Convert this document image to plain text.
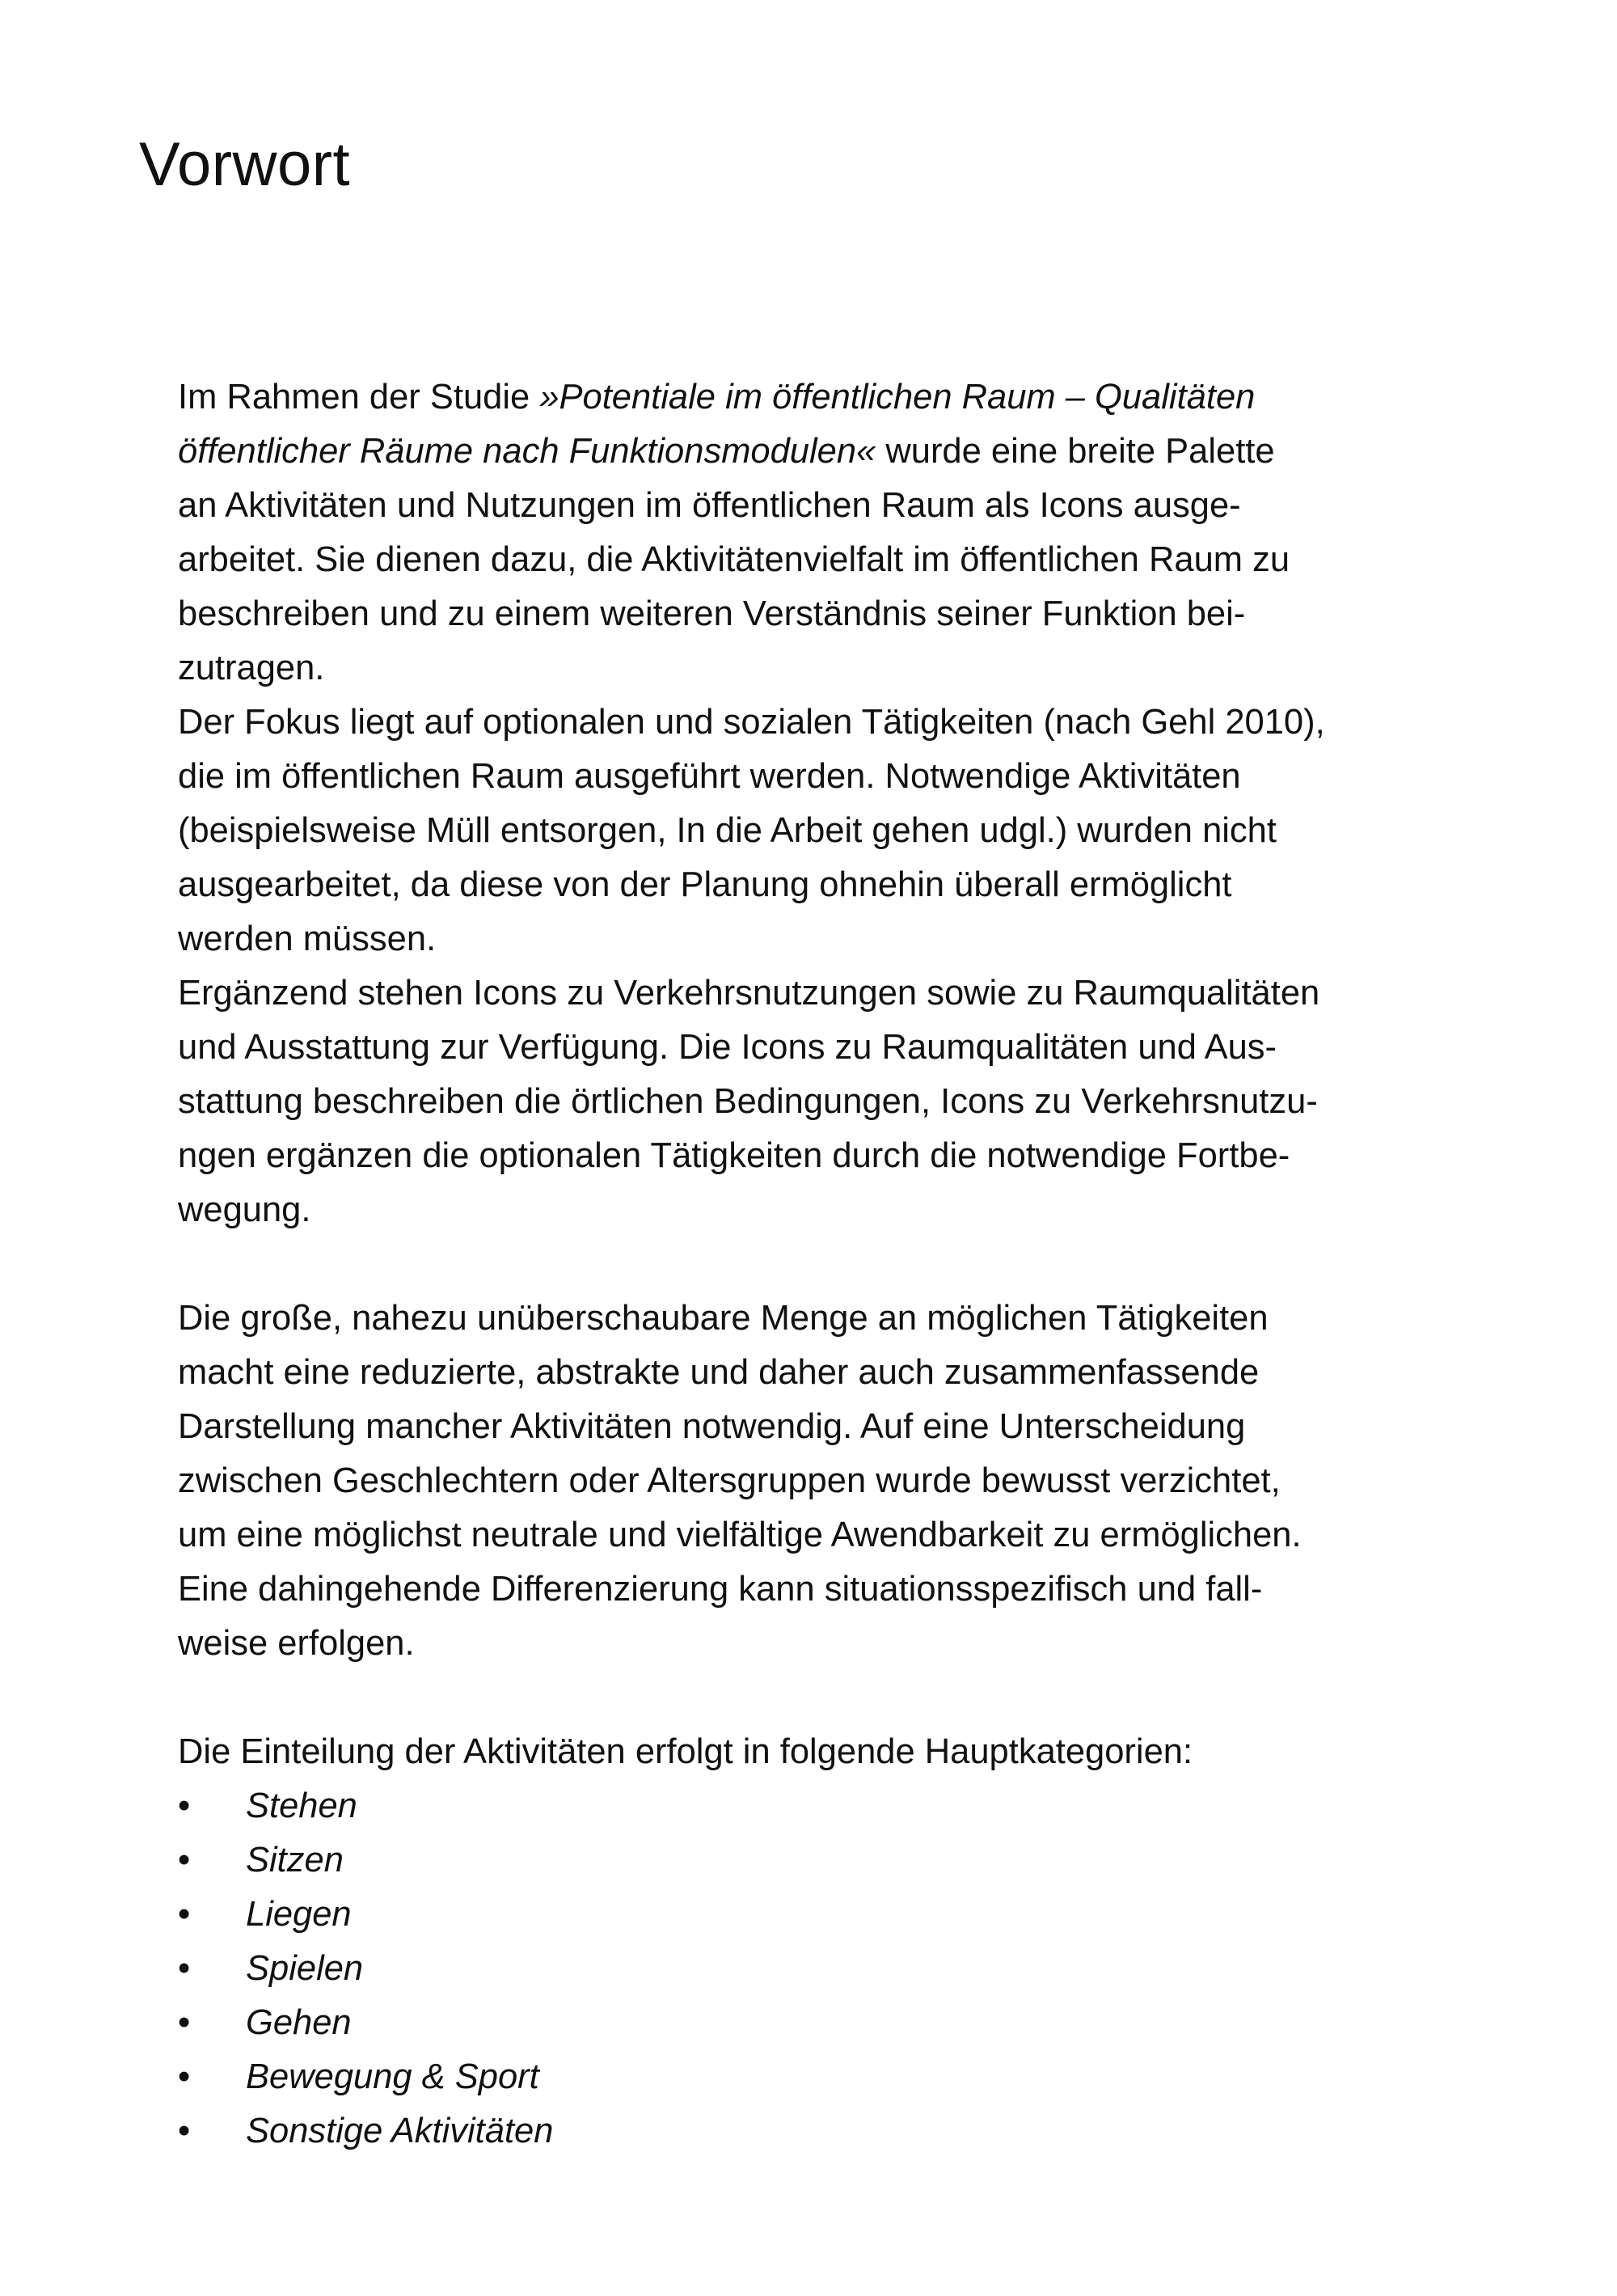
Vorwort
Im Rahmen der Studie »Potentiale im öffentlichen Raum – Qualitäten
öffentlicher Räume nach Funktionsmodulen« wurde eine breite Palette
an Aktivitäten und Nutzungen im öffentlichen Raum als Icons ausge-
arbeitet. Sie dienen dazu, die Aktivitätenvielfalt im öffentlichen Raum zu
beschreiben und zu einem weiteren Verständnis seiner Funktion bei-
zutragen.
Der Fokus liegt auf optionalen und sozialen Tätigkeiten (nach Gehl 2010),
die im öffentlichen Raum ausgeführt werden. Notwendige Aktivitäten
(beispielsweise Müll entsorgen, In die Arbeit gehen udgl.) wurden nicht
ausgearbeitet, da diese von der Planung ohnehin überall ermöglicht
werden müssen.
Ergänzend stehen Icons zu Verkehrsnutzungen sowie zu Raumqualitäten
und Ausstattung zur Verfügung. Die Icons zu Raumqualitäten und Aus-
stattung beschreiben die örtlichen Bedingungen, Icons zu Verkehrsnutzu-
ngen ergänzen die optionalen Tätigkeiten durch die notwendige Fortbe-
wegung.
Die große, nahezu unüberschaubare Menge an möglichen Tätigkeiten
macht eine reduzierte, abstrakte und daher auch zusammenfassende
Darstellung mancher Aktivitäten notwendig. Auf eine Unterscheidung
zwischen Geschlechtern oder Altersgruppen wurde bewusst verzichtet,
um eine möglichst neutrale und vielfältige Awendbarkeit zu ermöglichen.
Eine dahingehende Differenzierung kann situationsspezifisch und fall-
weise erfolgen.
Die Einteilung der Aktivitäten erfolgt in folgende Hauptkategorien:
• Stehen
• Sitzen
• Liegen
• Spielen
• Gehen
• Bewegung & Sport
• Sonstige Aktivitäten
